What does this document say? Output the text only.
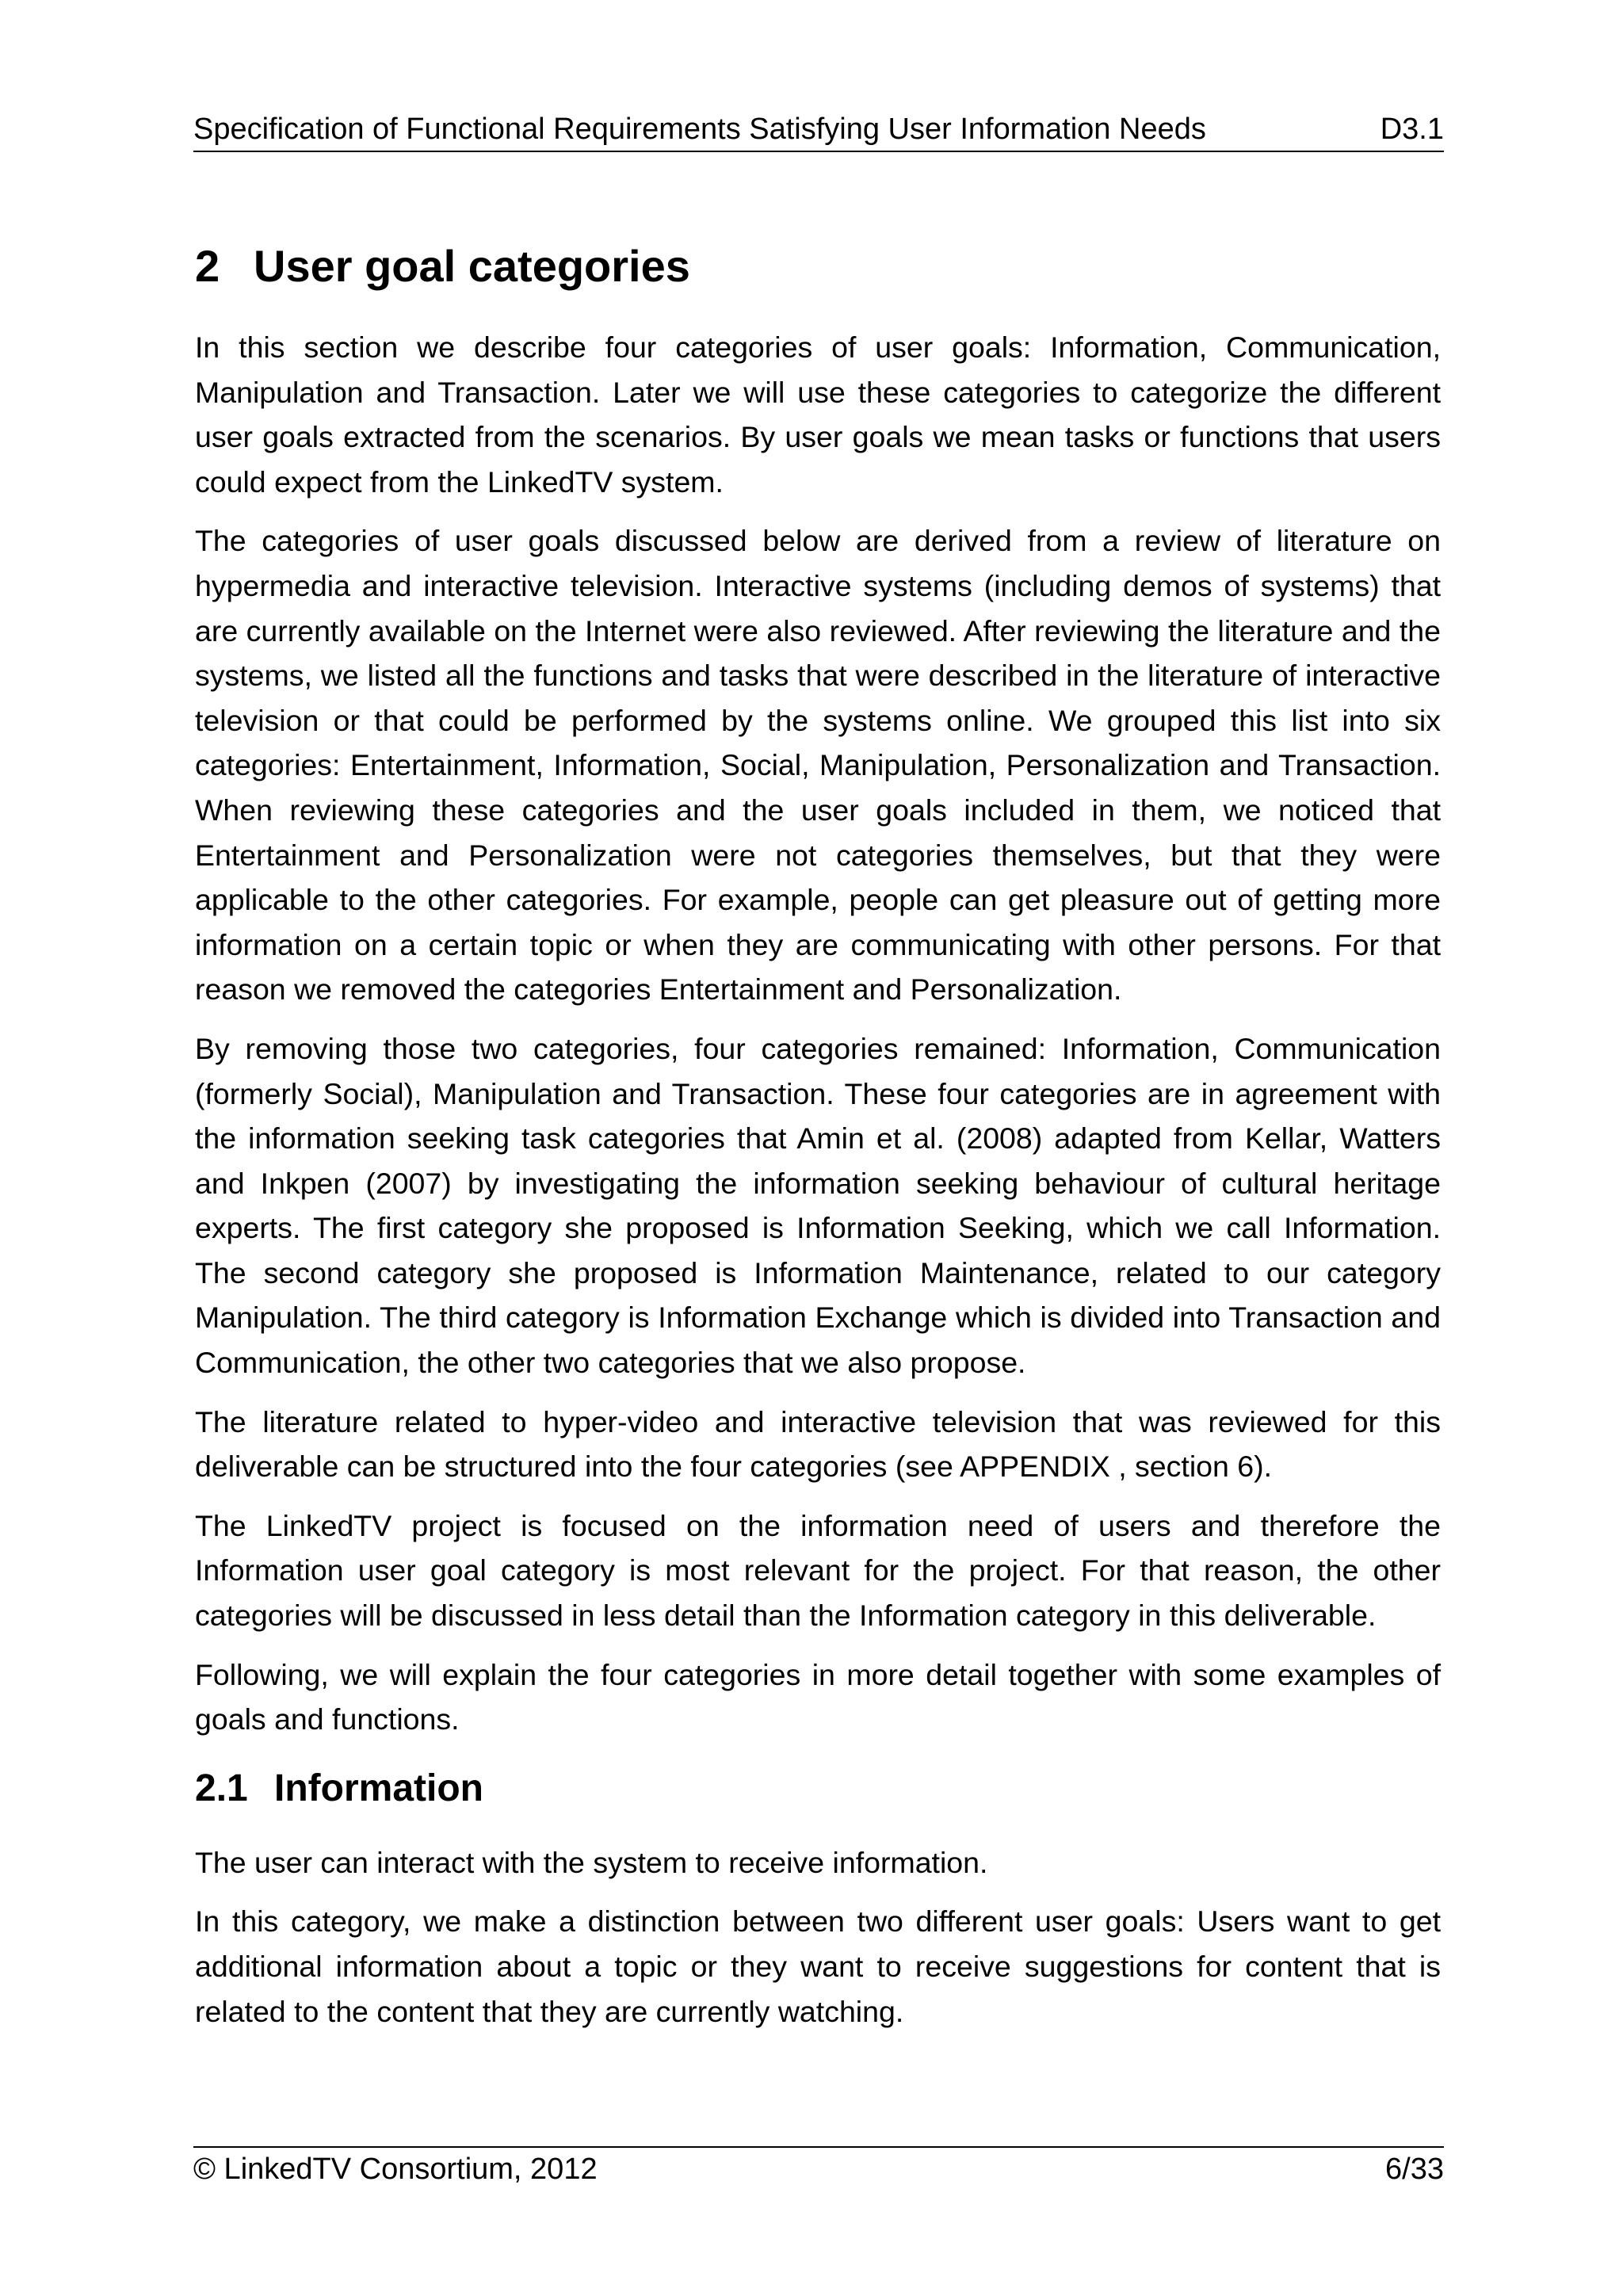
Specification of Functional Requirements Satisfying User Information Needs	D3.1
2 User goal categories

In this section we describe four categories of user goals: Information, Communication, Manipulation and Transaction. Later we will use these categories to categorize the different user goals extracted from the scenarios. By user goals we mean tasks or functions that users could expect from the LinkedTV system.

The categories of user goals discussed below are derived from a review of literature on hypermedia and interactive television. Interactive systems (including demos of systems) that are currently available on the Internet were also reviewed. After reviewing the literature and the systems, we listed all the functions and tasks that were described in the literature of interactive television or that could be performed by the systems online. We grouped this list into six categories: Entertainment, Information, Social, Manipulation, Personalization and Transaction. When reviewing these categories and the user goals included in them, we noticed that Entertainment and Personalization were not categories themselves, but that they were applicable to the other categories. For example, people can get pleasure out of getting more information on a certain topic or when they are communicating with other persons. For that reason we removed the categories Entertainment and Personalization.

By removing those two categories, four categories remained: Information, Communication (formerly Social), Manipulation and Transaction. These four categories are in agreement with the information seeking task categories that Amin et al. (2008) adapted from Kellar, Watters and Inkpen (2007) by investigating the information seeking behaviour of cultural heritage experts. The first category she proposed is Information Seeking, which we call Information. The second category she proposed is Information Maintenance, related to our category Manipulation. The third category is Information Exchange which is divided into Transaction and Communication, the other two categories that we also propose.

The literature related to hyper-video and interactive television that was reviewed for this deliverable can be structured into the four categories (see APPENDIX , section 6).

The LinkedTV project is focused on the information need of users and therefore the Information user goal category is most relevant for the project. For that reason, the other categories will be discussed in less detail than the Information category in this deliverable.

Following, we will explain the four categories in more detail together with some examples of goals and functions.

2.1 Information

The user can interact with the system to receive information.

In this category, we make a distinction between two different user goals: Users want to get additional information about a topic or they want to receive suggestions for content that is related to the content that they are currently watching.

© LinkedTV Consortium, 2012	6/33
